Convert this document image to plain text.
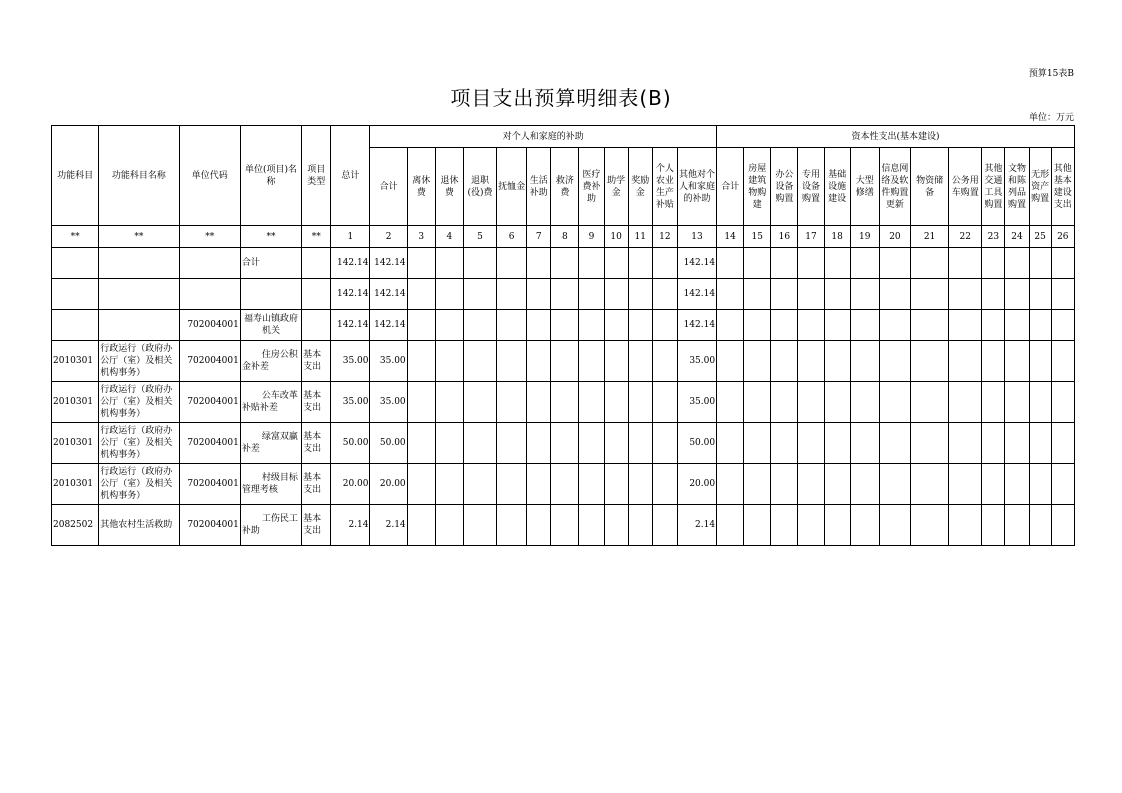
预算15表B
项目支出预算明细表(B)
单位：万元
功能科目	功能科目名称	单位代码	单位(项目)名称	项目类型	总计	对个人和家庭的补助												资本性支出(基本建设)												
						合计	离休费	退休费	退职(役)费	抚恤金	生活补助	救济费	医疗费补助	助学金	奖励金	个人农业生产补贴	其他对个人和家庭的补助	合计	房屋建筑物购建	办公设备购置	专用设备购置	基础设施建设	大型修缮	信息网络及软件购置更新	物资储备	公务用车购置	其他交通工具购置	文物和陈列品购置	无形资产购置	其他基本建设支出
**	**	**	**	**	1	2	3	4	5	6	7	8	9	10	11	12	13	14	15	16	17	18	19	20	21	22	23	24	25	26
			合计		142.14	142.14											142.14													
					142.14	142.14											142.14													
		702004001	福寿山镇政府机关		142.14	142.14											142.14													
2010301	行政运行（政府办公厅（室）及相关机构事务）	702004001	住房公积金补差	基本支出	35.00	35.00											35.00													
2010301	行政运行（政府办公厅（室）及相关机构事务）	702004001	公车改革补贴补差	基本支出	35.00	35.00											35.00													
2010301	行政运行（政府办公厅（室）及相关机构事务）	702004001	绿富双赢补差	基本支出	50.00	50.00											50.00													
2010301	行政运行（政府办公厅（室）及相关机构事务）	702004001	村级目标管理考核	基本支出	20.00	20.00											20.00													
2082502	其他农村生活救助	702004001	工伤民工补助	基本支出	2.14	2.14											2.14													
